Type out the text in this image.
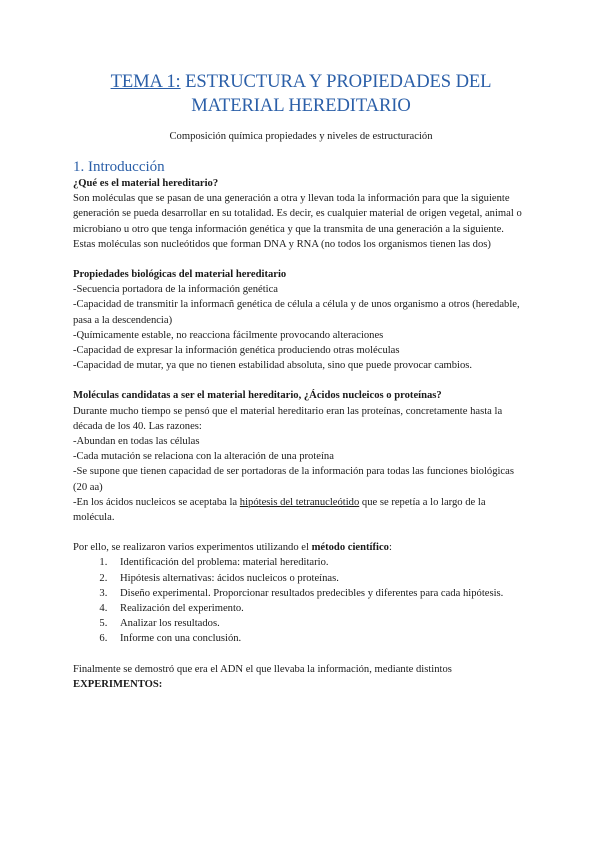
TEMA 1: ESTRUCTURA Y PROPIEDADES DEL MATERIAL HEREDITARIO
Composición química propiedades y niveles de estructuración
1. Introducción

¿Qué es el material hereditario?

Son moléculas que se pasan de una generación a otra y llevan toda la información para que la siguiente generación se pueda desarrollar en su totalidad. Es decir, es cualquier material de origen vegetal, animal o microbiano u otro que tenga información genética y que la transmita de una generación a la siguiente.

Estas moléculas son nucleótidos que forman DNA y RNA (no todos los organismos tienen las dos)

Propiedades biológicas del material hereditario

-Secuencia portadora de la información genética

-Capacidad de transmitir la informacñ genética de célula a célula y de unos organismo a otros (heredable, pasa a la descendencia)

-Químicamente estable, no reacciona fácilmente provocando alteraciones

-Capacidad de expresar la información genética produciendo otras moléculas

-Capacidad de mutar, ya que no tienen estabilidad absoluta, sino que puede provocar cambios.

Moléculas candidatas a ser el material hereditario, ¿Ácidos nucleicos o proteínas?

Durante mucho tiempo se pensó que el material hereditario eran las proteínas, concretamente hasta la década de los 40. Las razones:

-Abundan en todas las células

-Cada mutación se relaciona con la alteración de una proteína

-Se supone que tienen capacidad de ser portadoras de la información para todas las funciones biológicas (20 aa)

-En los ácidos nucleicos se aceptaba la hipótesis del tetranucleótido que se repetía a lo largo de la molécula.

Por ello, se realizaron varios experimentos utilizando el método científico:

1. Identificación del problema: material hereditario.
2. Hipótesis alternativas: ácidos nucleicos o proteínas.
3. Diseño experimental. Proporcionar resultados predecibles y diferentes para cada hipótesis.
4. Realización del experimento.
5. Analizar los resultados.
6. Informe con una conclusión.

Finalmente se demostró que era el ADN el que llevaba la información, mediante distintos

EXPERIMENTOS:
